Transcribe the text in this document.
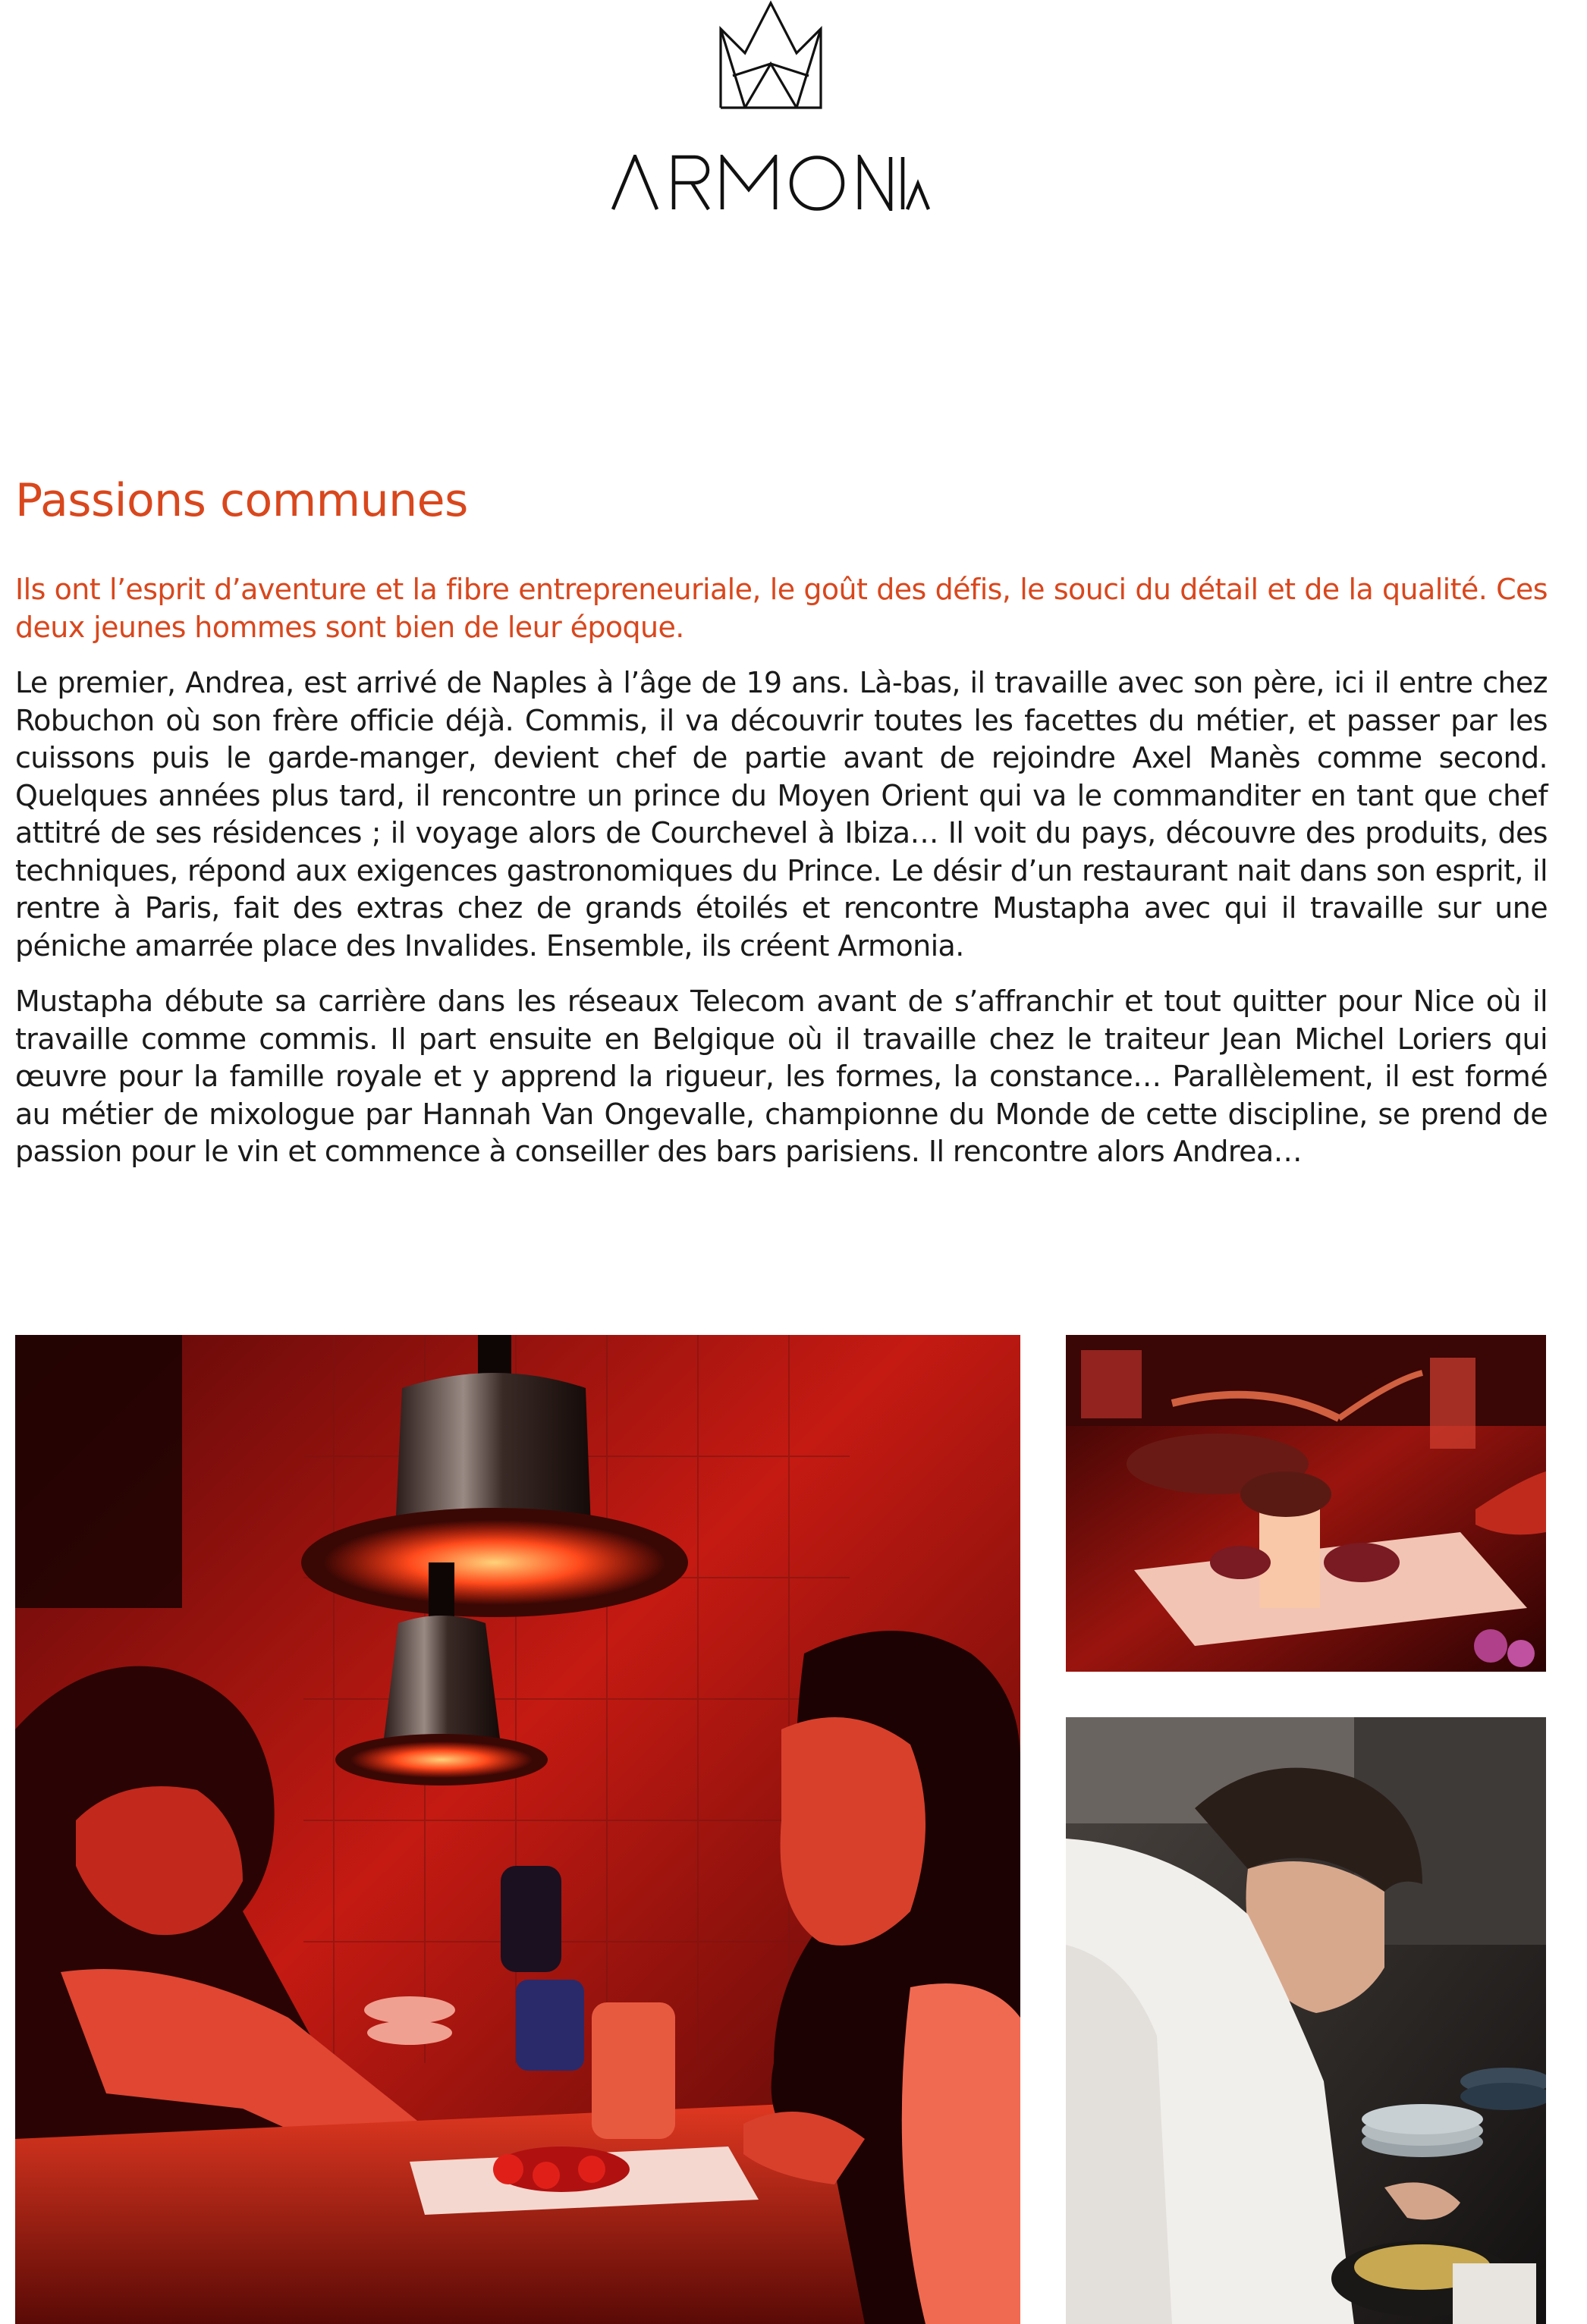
Passions communes

Ils ont l’esprit d’aventure et la fibre entrepreneuriale, le goût des défis, le souci du détail et de la qualité. Ces deux jeunes hommes sont bien de leur époque.

Le premier, Andrea, est arrivé de Naples à l’âge de 19 ans. Là-bas, il travaille avec son père, ici il entre chez Robuchon où son frère officie déjà. Commis, il va découvrir toutes les facettes du métier, et passer par les cuissons puis le garde-manger, devient chef de partie avant de rejoindre Axel Manès comme second. Quelques années plus tard, il rencontre un prince du Moyen Orient qui va le commanditer en tant que chef attitré de ses résidences ; il voyage alors de Courchevel à Ibiza… Il voit du pays, découvre des produits, des techniques, répond aux exigences gastronomiques du Prince. Le désir d’un restaurant nait dans son esprit, il rentre à Paris, fait des extras chez de grands étoilés et rencontre Mustapha avec qui il travaille sur une péniche amarrée place des Invalides. Ensemble, ils créent Armonia.

Mustapha débute sa carrière dans les réseaux Telecom avant de s’affranchir et tout quitter pour Nice où il travaille comme commis. Il part ensuite en Belgique où il travaille chez le traiteur Jean Michel Loriers qui œuvre pour la famille royale et y apprend la rigueur, les formes, la constance… Parallèlement, il est formé au métier de mixologue par Hannah Van Ongevalle, championne du Monde de cette discipline, se prend de passion pour le vin et commence à conseiller des bars parisiens. Il rencontre alors Andrea…
